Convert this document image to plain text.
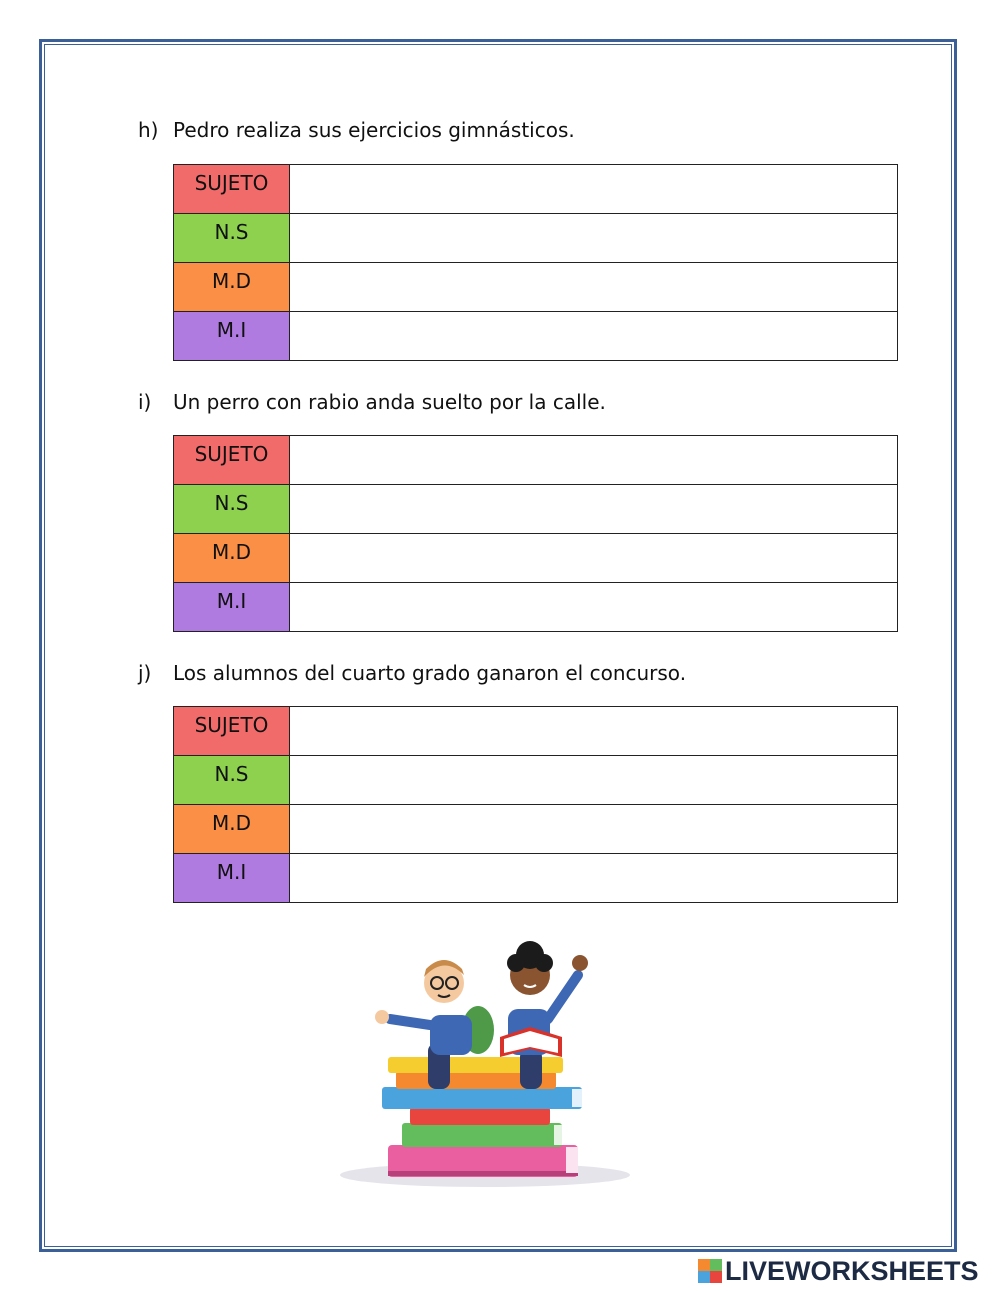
h) Pedro realiza sus ejercicios gimnásticos.
SUJETO	
N.S	
M.D	
M.I	
i)	Un perro con rabio anda suelto por la calle.
SUJETO	
N.S	
M.D	
M.I	
j)	Los alumnos del cuarto grado ganaron el concurso.
SUJETO	
N.S	
M.D	
M.I	
LIVEWORKSHEETS
